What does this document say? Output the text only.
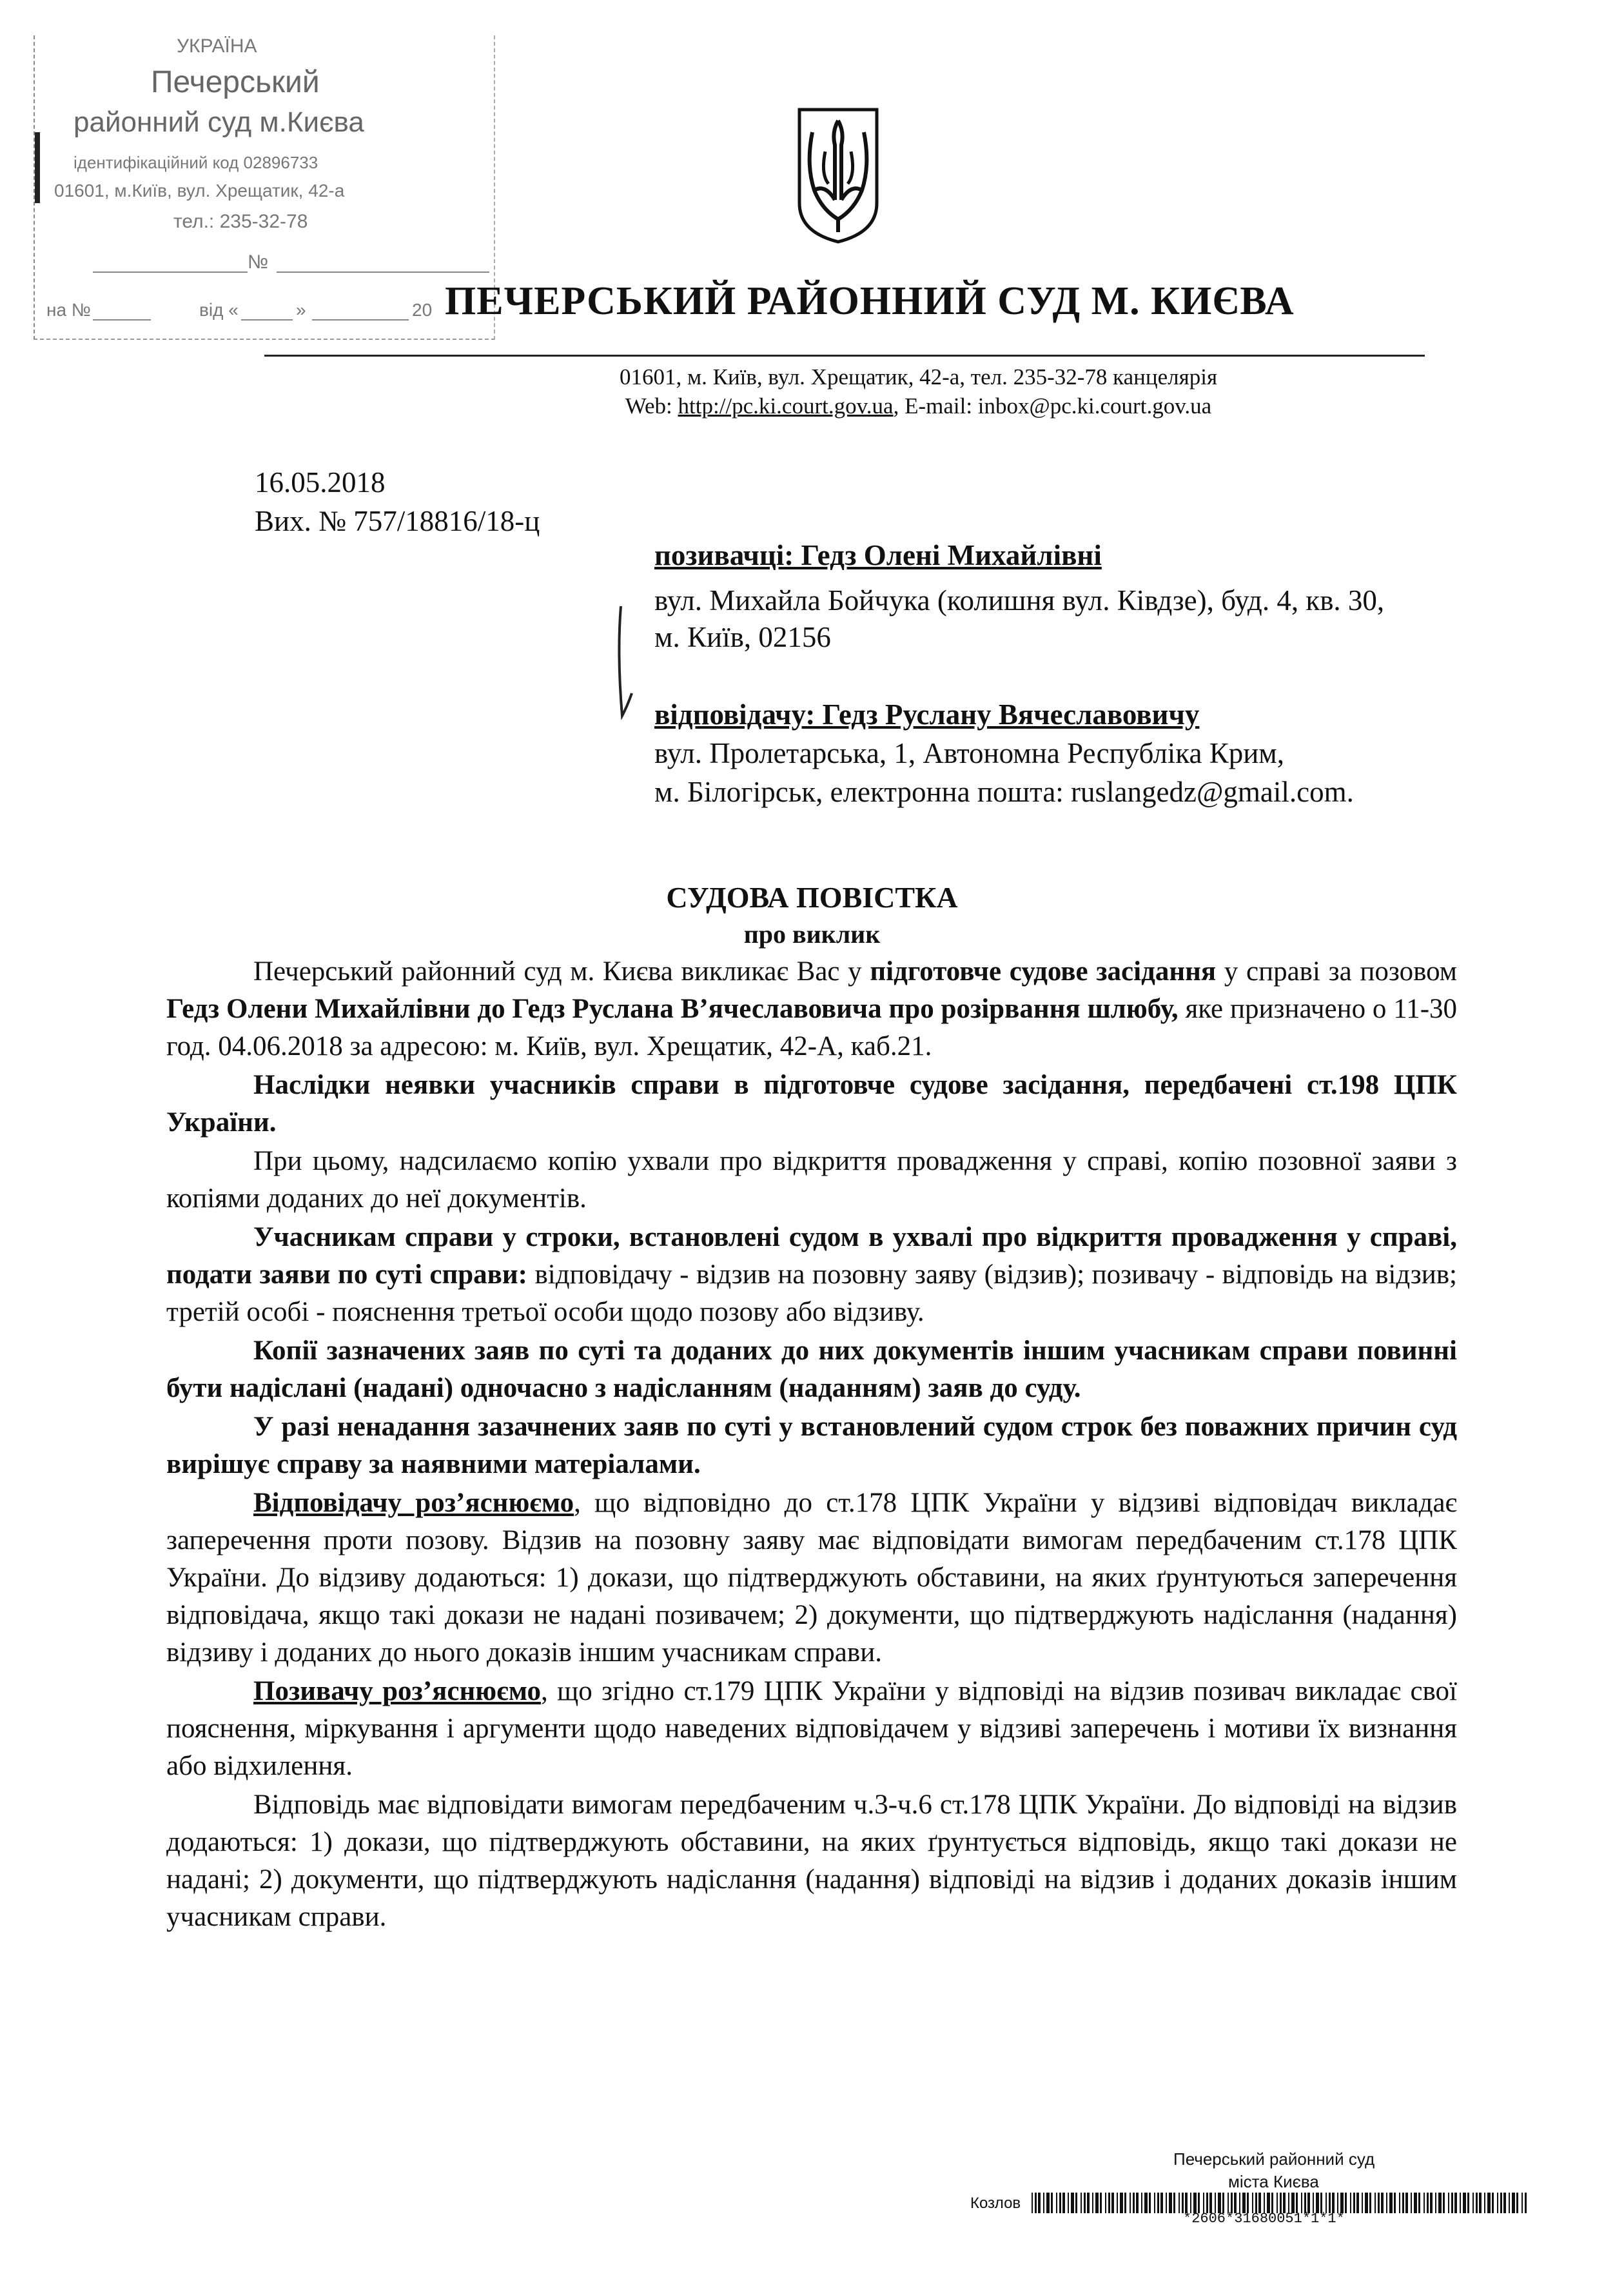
УКРАЇНА
Печерський
районний суд м.Києва
ідентифікаційний код 02896733
01601, м.Київ, вул. Хрещатик, 42-а
тел.: 235-32-78
№
на №	від «	»	20 ПЕЧЕРСЬКИЙ РАЙОННИЙ СУД М. КИЄВА
01601, м. Київ, вул. Хрещатик, 42-а, тел. 235-32-78 канцелярія
Web: http://pc.ki.court.gov.ua, E-mail: inbox@pc.ki.court.gov.ua
16.05.2018
Вих. № 757/18816/18-ц
позивачці: Гедз Олені Михайлівні
вул. Михайла Бойчука (колишня вул. Ківдзе), буд. 4, кв. 30,
м. Київ, 02156
відповідачу: Гедз Руслану Вячеславовичу
вул. Пролетарська, 1, Автономна Республіка Крим,
м. Білогірськ, електронна пошта: ruslangedz@gmail.com.
СУДОВА ПОВІСТКА
про виклик

Печерський районний суд м. Києва викликає Вас у підготовче судове засідання у справі за позовом Гедз Олени Михайлівни до Гедз Руслана В’ячеславовича про розірвання шлюбу, яке призначено о 11-30 год. 04.06.2018 за адресою: м. Київ, вул. Хрещатик, 42-А, каб.21.

Наслідки неявки учасників справи в підготовче судове засідання, передбачені ст.198 ЦПК України.

При цьому, надсилаємо копію ухвали про відкриття провадження у справі, копію позовної заяви з копіями доданих до неї документів.

Учасникам справи у строки, встановлені судом в ухвалі про відкриття провадження у справі, подати заяви по суті справи: відповідачу - відзив на позовну заяву (відзив); позивачу - відповідь на відзив; третій особі - пояснення третьої особи щодо позову або відзиву.

Копії зазначених заяв по суті та доданих до них документів іншим учасникам справи повинні бути надіслані (надані) одночасно з надісланням (наданням) заяв до суду.

У разі ненадання зазачнених заяв по суті у встановлений судом строк без поважних причин суд вирішує справу за наявними матеріалами.

Відповідачу роз’яснюємо, що відповідно до ст.178 ЦПК України у відзиві відповідач викладає заперечення проти позову. Відзив на позовну заяву має відповідати вимогам передбаченим ст.178 ЦПК України. До відзиву додаються: 1) докази, що підтверджують обставини, на яких ґрунтуються заперечення відповідача, якщо такі докази не надані позивачем; 2) документи, що підтверджують надіслання (надання) відзиву і доданих до нього доказів іншим учасникам справи.

Позивачу роз’яснюємо, що згідно ст.179 ЦПК України у відповіді на відзив позивач викладає свої пояснення, міркування і аргументи щодо наведених відповідачем у відзиві заперечень і мотиви їх визнання або відхилення.

Відповідь має відповідати вимогам передбаченим ч.3-ч.6 ст.178 ЦПК України. До відповіді на відзив додаються: 1) докази, що підтверджують обставини, на яких ґрунтується відповідь, якщо такі докази не надані; 2) документи, що підтверджують надіслання (надання) відповіді на відзив і доданих доказів іншим учасникам справи.

Печерський районний суд
міста Києва
Козлов
*2606*31680051*1*1*
